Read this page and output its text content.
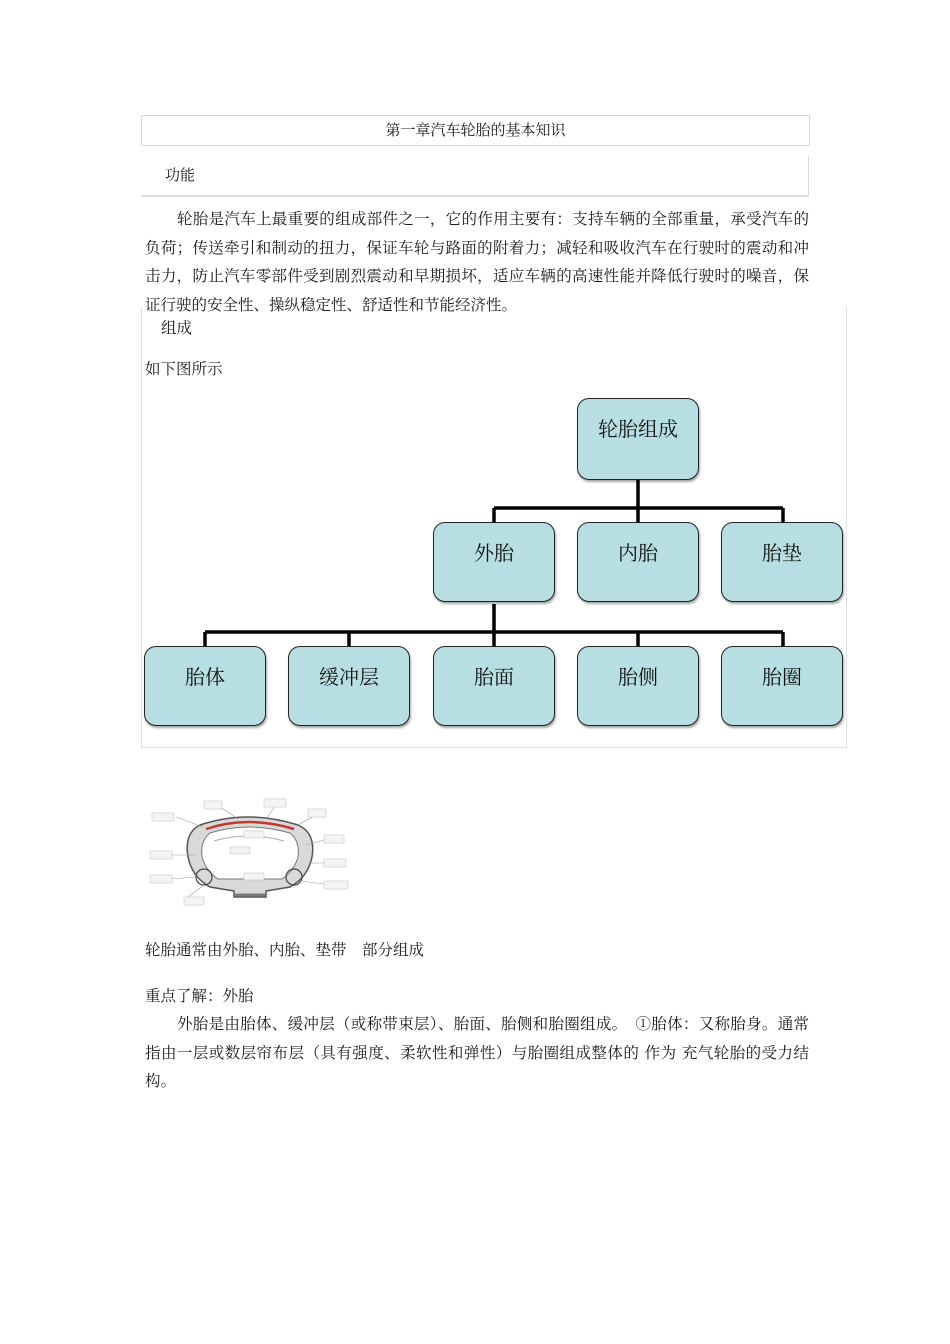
第一章汽车轮胎的基本知识
功能
轮胎是汽车上最重要的组成部件之一，它的作用主要有：支持车辆的全部重量，承受汽车的负荷；传送牵引和制动的扭力，保证车轮与路面的附着力；减轻和吸收汽车在行驶时的震动和冲击力，防止汽车零部件受到剧烈震动和早期损坏，适应车辆的高速性能并降低行驶时的噪音，保证行驶的安全性、操纵稳定性、舒适性和节能经济性。
组成
如下图所示
轮胎组成
外胎	内胎	胎垫
胎体	缓冲层	胎面	胎侧	胎圈
轮胎通常由外胎、内胎、垫带　部分组成
重点了解：外胎
外胎是由胎体、缓冲层（或称带束层）、胎面、胎侧和胎圈组成。　①胎体：又称胎身。通常指由一层或数层帘布层（具有强度、柔软性和弹性）与胎圈组成整体的 作为 充气轮胎的受力结构。
